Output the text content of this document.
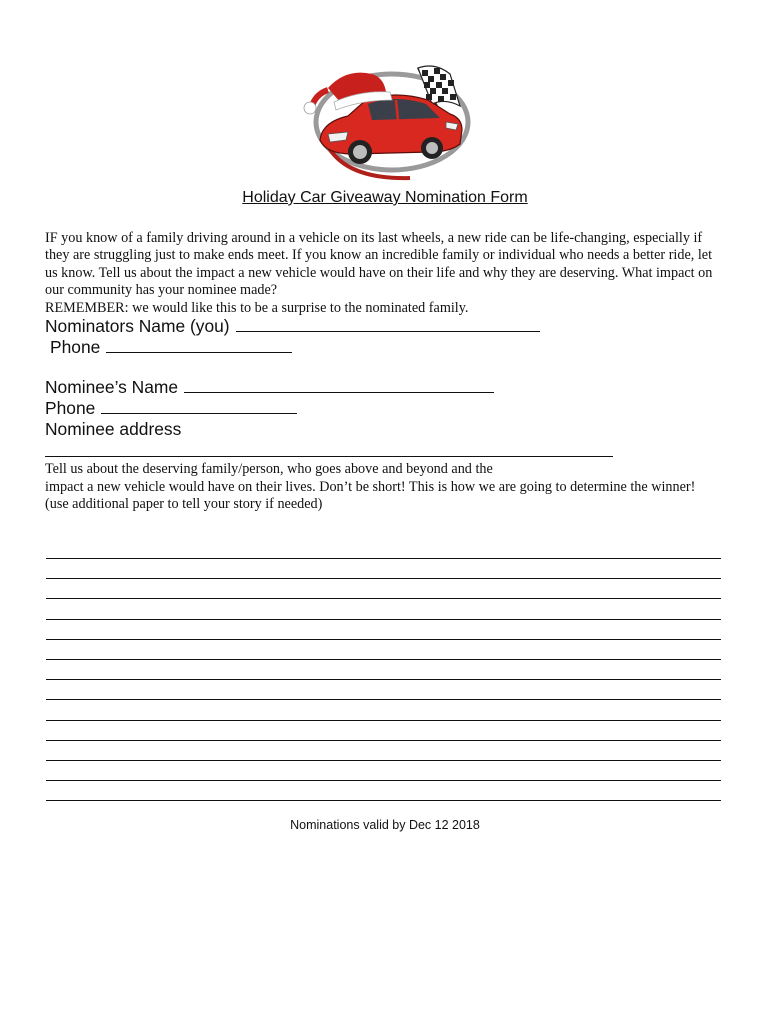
Holiday Car Giveaway Nomination Form

IF you know of a family driving around in a vehicle on its last wheels, a new ride can be life-changing, especially if they are struggling just to make ends meet. If you know an incredible family or individual who needs a better ride, let us know. Tell us about the impact a new vehicle would have on their life and why they are deserving. What impact on our community has your nominee made?

REMEMBER: we would like this to be a surprise to the nominated family.

Nominators Name (you)
Phone
Nominee’s Name
Phone
Nominee address

Tell us about the deserving family/person, who goes above and beyond and the

impact a new vehicle would have on their lives. Don’t be short! This is how we are going to determine the winner!

(use additional paper to tell your story if needed)

Nominations valid by Dec 12 2018
